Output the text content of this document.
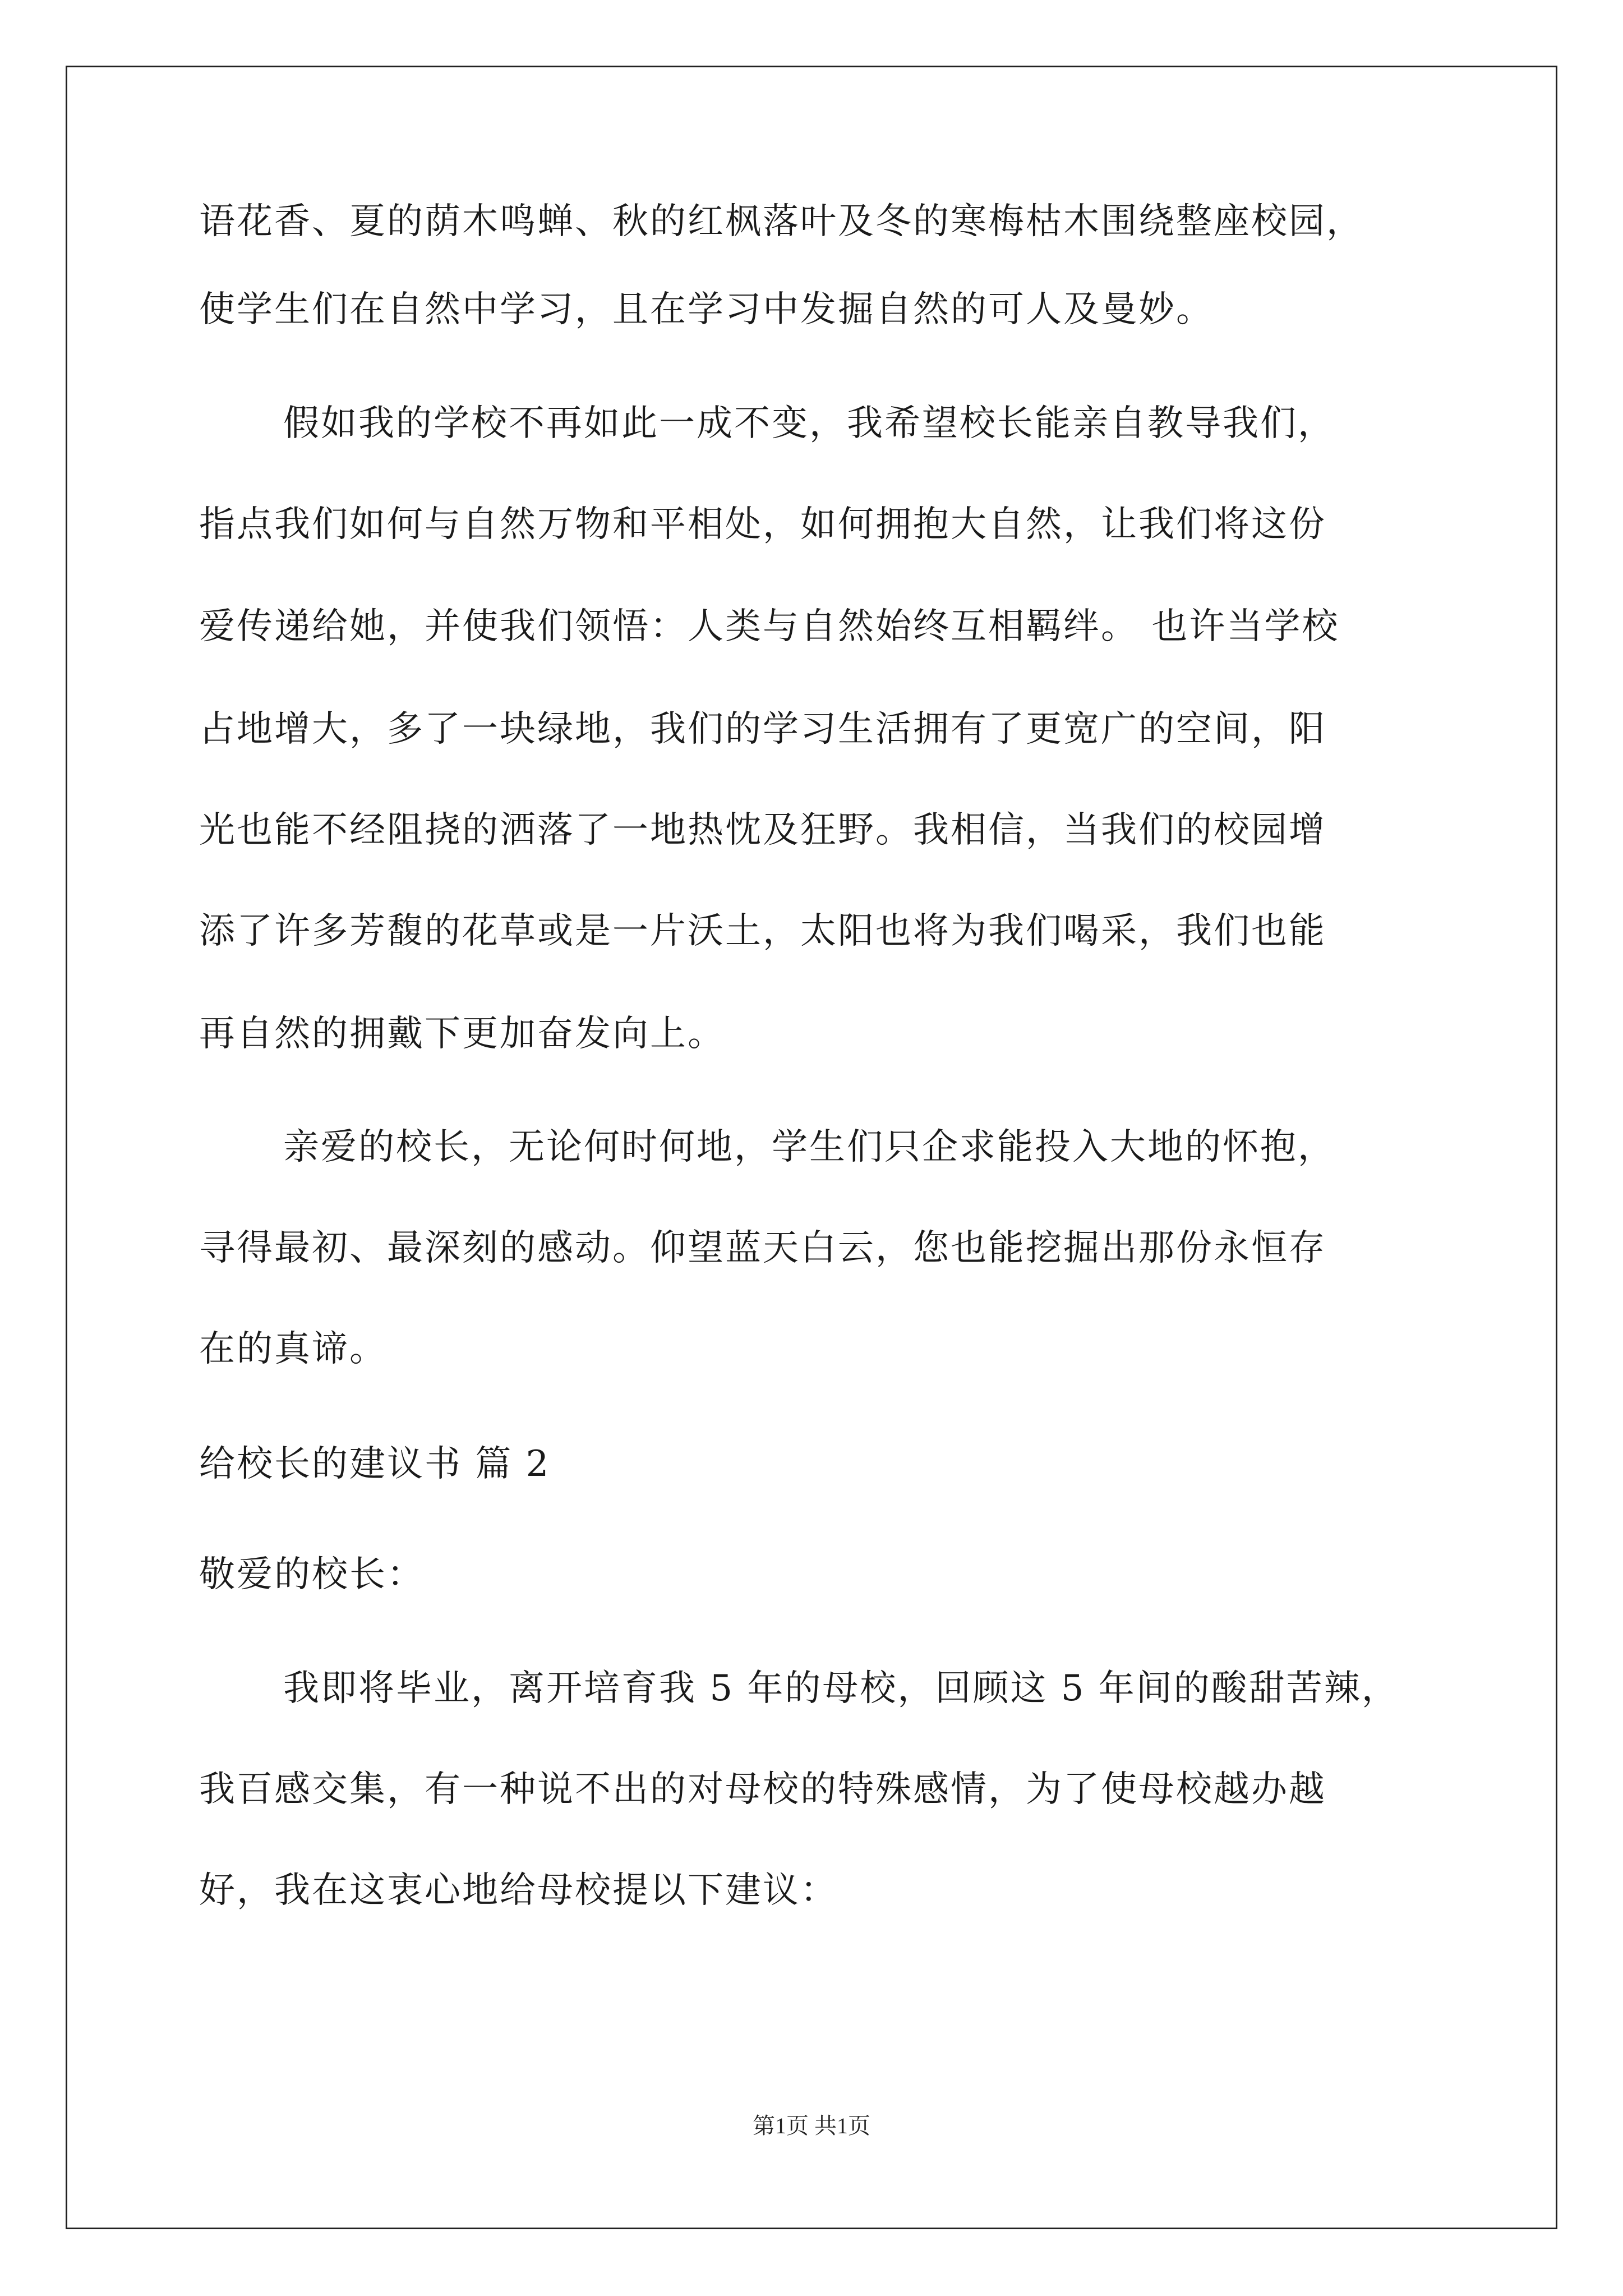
语花香、夏的荫木鸣蝉、秋的红枫落叶及冬的寒梅枯木围绕整座校园，
使学生们在自然中学习，且在学习中发掘自然的可人及曼妙。
假如我的学校不再如此一成不变，我希望校长能亲自教导我们，
指点我们如何与自然万物和平相处，如何拥抱大自然，让我们将这份
爱传递给她，并使我们领悟：人类与自然始终互相羁绊。 也许当学校
占地增大，多了一块绿地，我们的学习生活拥有了更宽广的空间，阳
光也能不经阻挠的洒落了一地热忱及狂野。我相信，当我们的校园增
添了许多芳馥的花草或是一片沃土，太阳也将为我们喝采，我们也能
再自然的拥戴下更加奋发向上。
亲爱的校长，无论何时何地，学生们只企求能投入大地的怀抱，
寻得最初、最深刻的感动。仰望蓝天白云，您也能挖掘出那份永恒存
在的真谛。
给校长的建议书 篇 2
敬爱的校长：
我即将毕业，离开培育我 5 年的母校，回顾这 5 年间的酸甜苦辣，
我百感交集，有一种说不出的对母校的特殊感情，为了使母校越办越
好，我在这衷心地给母校提以下建议：
第1页 共1页
